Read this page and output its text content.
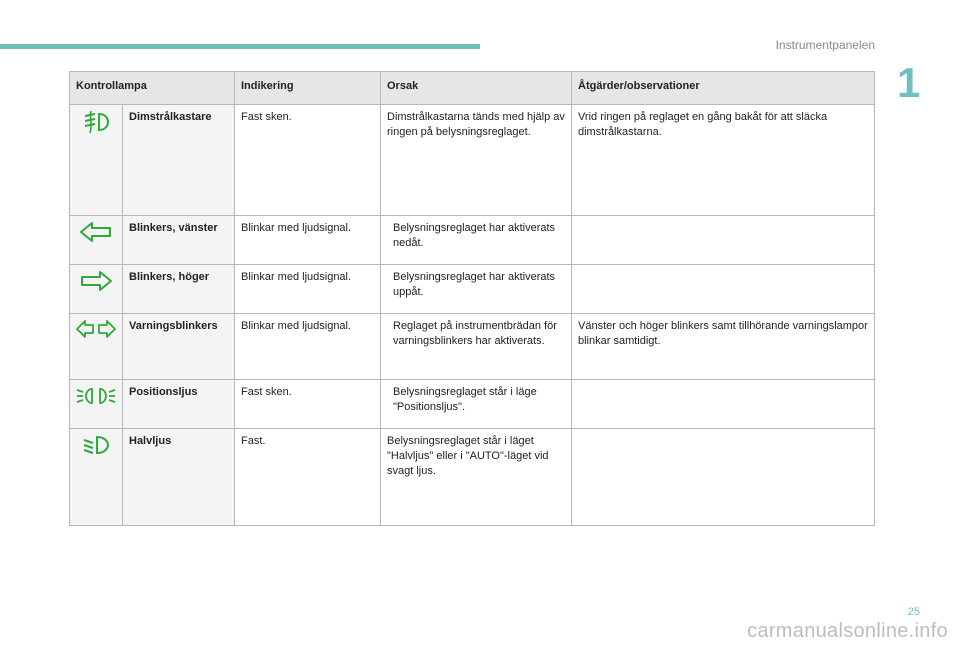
Instrumentpanelen
1
Kontrollampa		Indikering	Orsak	Åtgärder/observationer
	Dimstrålkastare	Fast sken.	Dimstrålkastarna tänds med hjälp av ringen på belysningsreglaget.	Vrid ringen på reglaget en gång bakåt för att släcka dimstrålkastarna.
	Blinkers, vänster	Blinkar med ljudsignal.	Belysningsreglaget har aktiverats nedåt.	

	Blinkers, höger	Blinkar med ljudsignal.	Belysningsreglaget har aktiverats uppåt.	

	Varningsblinkers	Blinkar med ljudsignal.	Reglaget på instrumentbrädan för varningsblinkers har aktiverats.	Vänster och höger blinkers samt tillhörande varningslampor blinkar samtidigt.
	Positionsljus	Fast sken.	Belysningsreglaget står i läge "Positionsljus".	

	Halvljus	Fast.	Belysningsreglaget står i läget "Halvljus" eller i "AUTO"-läget vid svagt ljus.	
25
carmanualsonline.info
